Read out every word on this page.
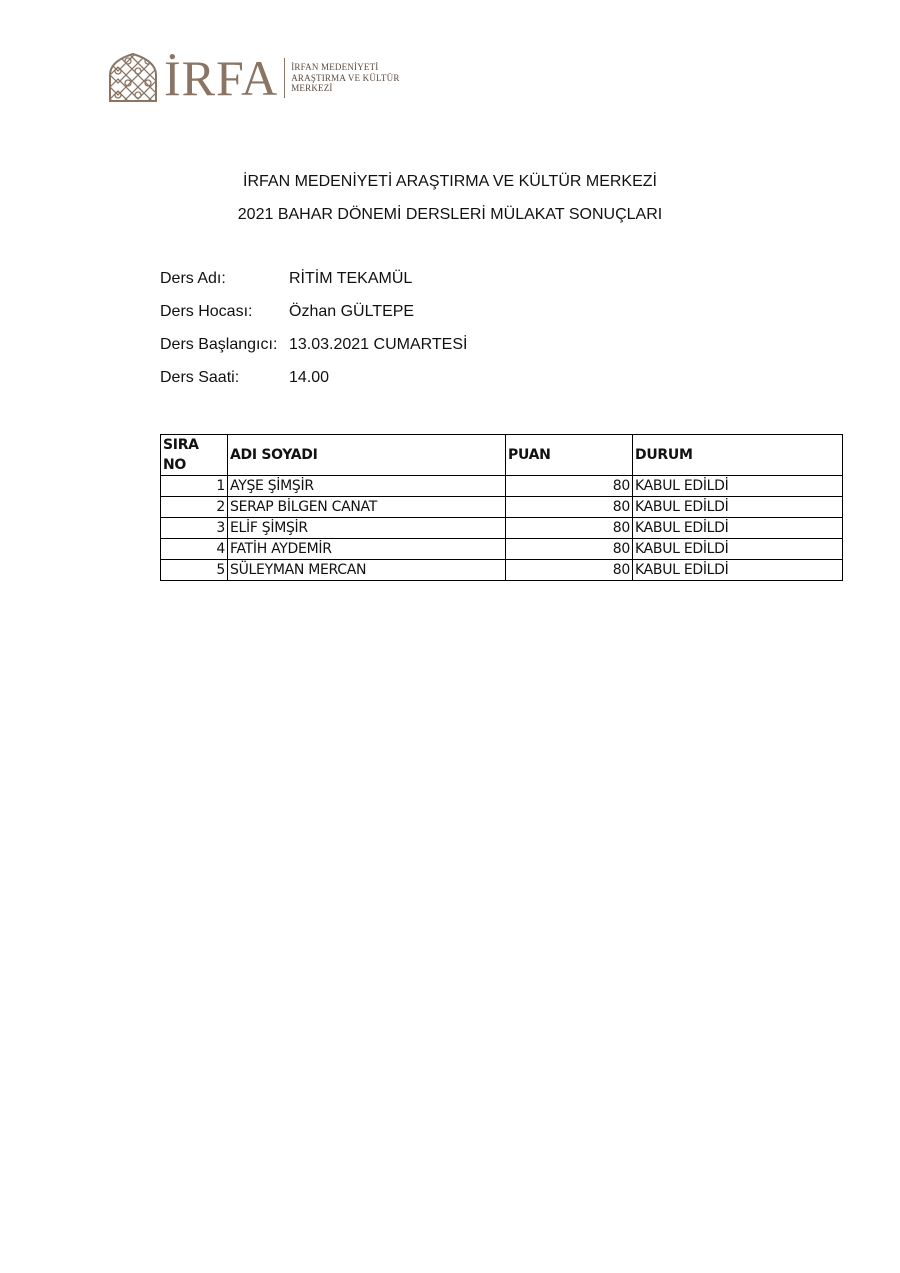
İRFA İRFAN MEDENİYETİ
ARAŞTIRMA VE KÜLTÜR
MERKEZİ
İRFAN MEDENİYETİ ARAŞTIRMA VE KÜLTÜR MERKEZİ
2021 BAHAR DÖNEMİ DERSLERİ MÜLAKAT SONUÇLARI
Ders Adı:	RİTİM TEKAMÜL
Ders Hocası:	Özhan GÜLTEPE
Ders Başlangıcı: 13.03.2021 CUMARTESİ
Ders Saati:	14.00
SIRA NO	ADI SOYADI	PUAN	DURUM
1	AYŞE ŞİMŞİR	80	KABUL EDİLDİ
2	SERAP BİLGEN CANAT	80	KABUL EDİLDİ
3	ELİF ŞİMŞİR	80	KABUL EDİLDİ
4	FATİH AYDEMİR	80	KABUL EDİLDİ
5	SÜLEYMAN MERCAN	80	KABUL EDİLDİ
